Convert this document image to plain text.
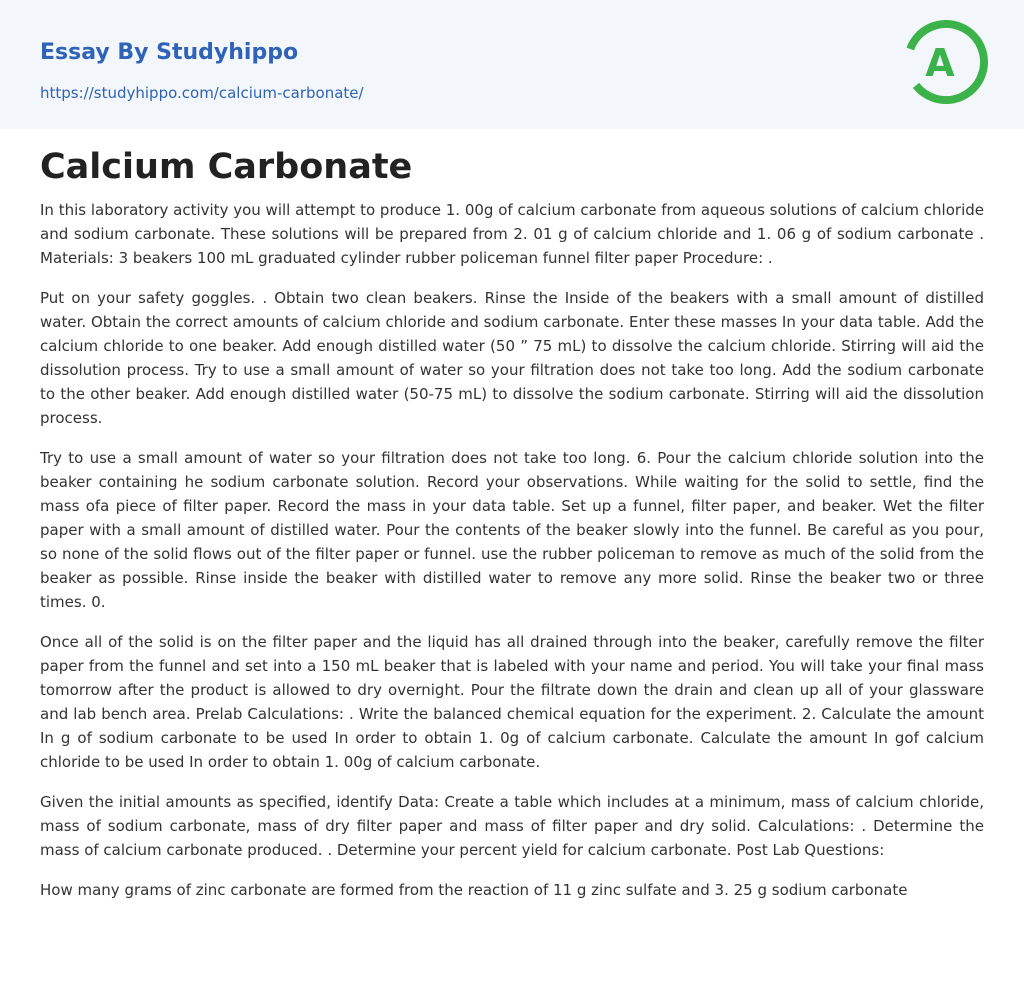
Essay By Studyhippo
https://studyhippo.com/calcium-carbonate/
A
Calcium Carbonate

In this laboratory activity you will attempt to produce 1. 00g of calcium carbonate from aqueous solutions of calcium chloride and sodium carbonate. These solutions will be prepared from 2. 01 g of calcium chloride and 1. 06 g of sodium carbonate . Materials: 3 beakers 100 mL graduated cylinder rubber policeman funnel filter paper Procedure: .

Put on your safety goggles. . Obtain two clean beakers. Rinse the Inside of the beakers with a small amount of distilled water. Obtain the correct amounts of calcium chloride and sodium carbonate. Enter these masses In your data table. Add the calcium chloride to one beaker. Add enough distilled water (50 ” 75 mL) to dissolve the calcium chloride. Stirring will aid the dissolution process. Try to use a small amount of water so your filtration does not take too long. Add the sodium carbonate to the other beaker. Add enough distilled water (50-75 mL) to dissolve the sodium carbonate. Stirring will aid the dissolution process.

Try to use a small amount of water so your filtration does not take too long. 6. Pour the calcium chloride solution into the beaker containing he sodium carbonate solution. Record your observations. While waiting for the solid to settle, find the mass ofa piece of filter paper. Record the mass in your data table. Set up a funnel, filter paper, and beaker. Wet the filter paper with a small amount of distilled water. Pour the contents of the beaker slowly into the funnel. Be careful as you pour, so none of the solid flows out of the filter paper or funnel. use the rubber policeman to remove as much of the solid from the beaker as possible. Rinse inside the beaker with distilled water to remove any more solid. Rinse the beaker two or three times. 0.

Once all of the solid is on the filter paper and the liquid has all drained through into the beaker, carefully remove the filter paper from the funnel and set into a 150 mL beaker that is labeled with your name and period. You will take your final mass tomorrow after the product is allowed to dry overnight. Pour the filtrate down the drain and clean up all of your glassware and lab bench area. Prelab Calculations: . Write the balanced chemical equation for the experiment. 2. Calculate the amount In g of sodium carbonate to be used In order to obtain 1. 0g of calcium carbonate. Calculate the amount In gof calcium chloride to be used In order to obtain 1. 00g of calcium carbonate.

Given the initial amounts as specified, identify Data: Create a table which includes at a minimum, mass of calcium chloride, mass of sodium carbonate, mass of dry filter paper and mass of filter paper and dry solid. Calculations: . Determine the mass of calcium carbonate produced. . Determine your percent yield for calcium carbonate. Post Lab Questions:

How many grams of zinc carbonate are formed from the reaction of 11 g zinc sulfate and 3. 25 g sodium carbonate
